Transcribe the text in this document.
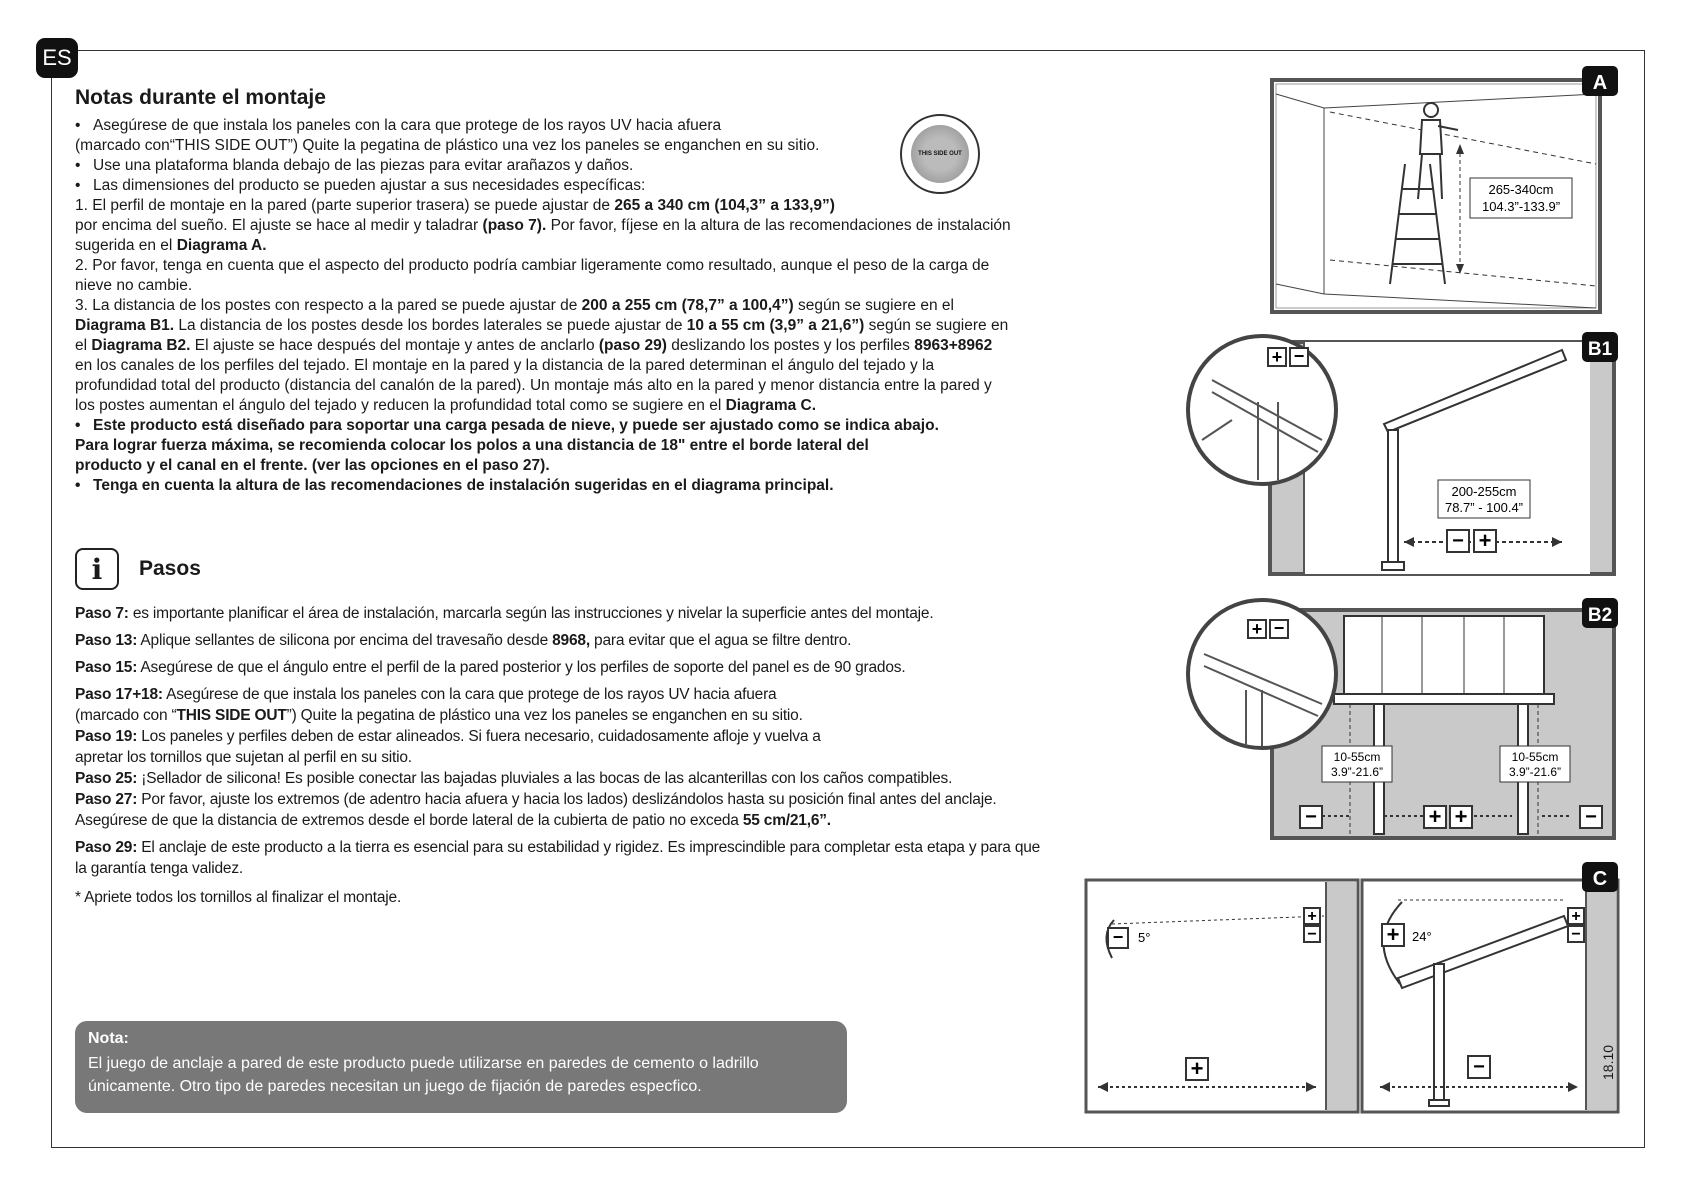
ES
Notas durante el montaje

• Asegúrese de que instala los paneles con la cara que protege de los rayos UV hacia afuera

(marcado con“THIS SIDE OUT”) Quite la pegatina de plástico una vez los paneles se enganchen en su sitio.

• Use una plataforma blanda debajo de las piezas para evitar arañazos y daños.

• Las dimensiones del producto se pueden ajustar a sus necesidades específicas:

1. El perfil de montaje en la pared (parte superior trasera) se puede ajustar de 265 a 340 cm (104,3” a 133,9”)
por encima del sueño. El ajuste se hace al medir y taladrar (paso 7). Por favor, fíjese en la altura de las recomendaciones de instalación sugerida en el Diagrama A.

2. Por favor, tenga en cuenta que el aspecto del producto podría cambiar ligeramente como resultado, aunque el peso de la carga de nieve no cambie.

3. La distancia de los postes con respecto a la pared se puede ajustar de 200 a 255 cm (78,7” a 100,4”) según se sugiere en el Diagrama B1. La distancia de los postes desde los bordes laterales se puede ajustar de 10 a 55 cm (3,9” a 21,6”) según se sugiere en el Diagrama B2. El ajuste se hace después del montaje y antes de anclarlo (paso 29) deslizando los postes y los perfiles 8963+8962 en los canales de los perfiles del tejado. El montaje en la pared y la distancia de la pared determinan el ángulo del tejado y la profundidad total del producto (distancia del canalón de la pared). Un montaje más alto en la pared y menor distancia entre la pared y los postes aumentan el ángulo del tejado y reducen la profundidad total como se sugiere en el Diagrama C.

• Este producto está diseñado para soportar una carga pesada de nieve, y puede ser ajustado como se indica abajo.

Para lograr fuerza máxima, se recomienda colocar los polos a una distancia de 18" entre el borde lateral del producto y el canal en el frente. (ver las opciones en el paso 27).

• Tenga en cuenta la altura de las recomendaciones de instalación sugeridas en el diagrama principal.

THIS SIDE OUT
i	Pasos

Paso 7: es importante planificar el área de instalación, marcarla según las instrucciones y nivelar la superficie antes del montaje.

Paso 13: Aplique sellantes de silicona por encima del travesaño desde 8968, para evitar que el agua se filtre dentro.

Paso 15: Asegúrese de que el ángulo entre el perfil de la pared posterior y los perfiles de soporte del panel es de 90 grados.

Paso 17+18: Asegúrese de que instala los paneles con la cara que protege de los rayos UV hacia afuera
(marcado con “THIS SIDE OUT”) Quite la pegatina de plástico una vez los paneles se enganchen en su sitio.

Paso 19: Los paneles y perfiles deben de estar alineados. Si fuera necesario, cuidadosamente afloje y vuelva a
apretar los tornillos que sujetan al perfil en su sitio.

Paso 25: ¡Sellador de silicona! Es posible conectar las bajadas pluviales a las bocas de las alcanterillas con los caños compatibles.

Paso 27: Por favor, ajuste los extremos (de adentro hacia afuera y hacia los lados) deslizándolos hasta su posición final antes del anclaje.
Asegúrese de que la distancia de extremos desde el borde lateral de la cubierta de patio no exceda 55 cm/21,6”.

Paso 29: El anclaje de este producto a la tierra es esencial para su estabilidad y rigidez. Es imprescindible para completar esta etapa y para que la garantía tenga validez.

* Apriete todos los tornillos al finalizar el montaje.

Nota:
El juego de anclaje a pared de este producto puede utilizarse en paredes de cemento o ladrillo
únicamente. Otro tipo de paredes necesitan un juego de fijación de paredes especfico.
265-340cm
104.3”-133.9”
A
− +
200-255cm
78.7” - 100.4”
+ −	B1
10-55cm
3.9”-21.6”
10-55cm
3.9”-21.6”
−	+ +	−
+ −
B2
− 5°
+
−
+
+ 24°
+
−
−
C
18.10
